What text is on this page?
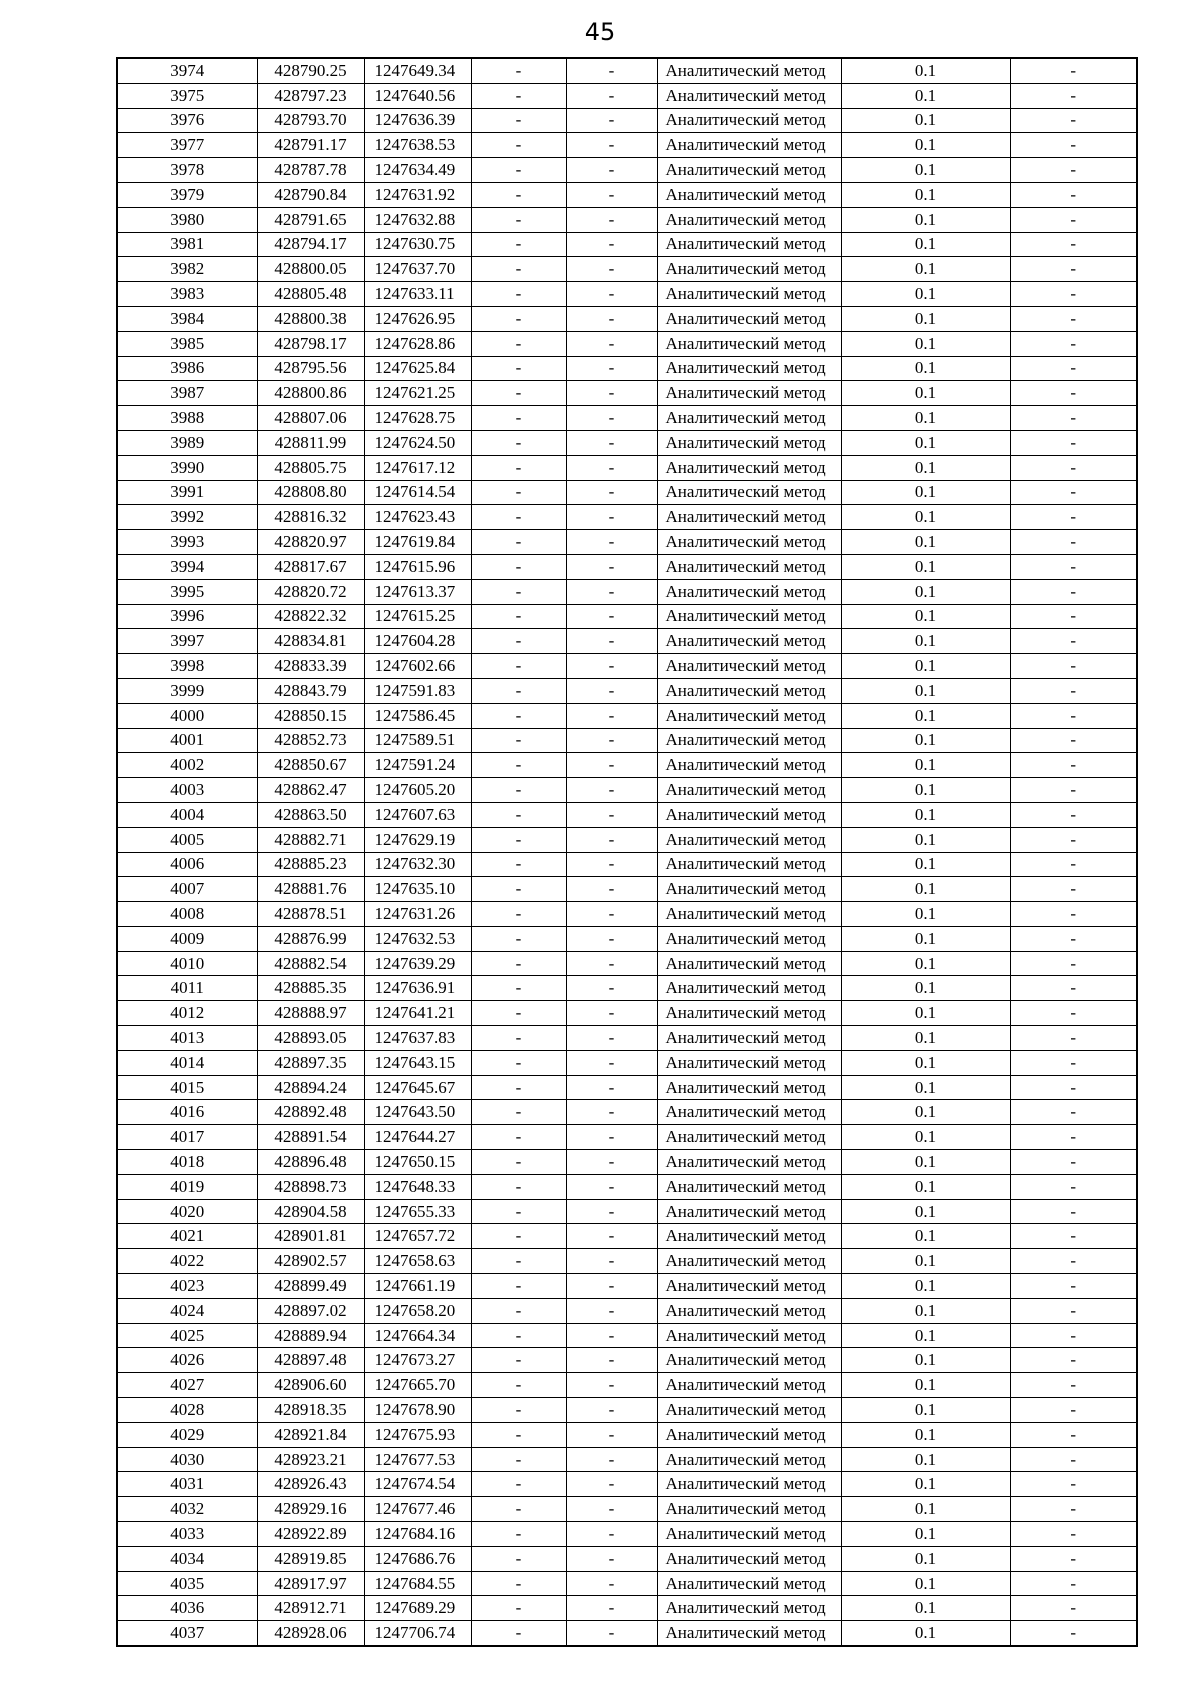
45
3974	428790.25	1247649.34	-	-	Аналитический метод	0.1	-
3975	428797.23	1247640.56	-	-	Аналитический метод	0.1	-
3976	428793.70	1247636.39	-	-	Аналитический метод	0.1	-
3977	428791.17	1247638.53	-	-	Аналитический метод	0.1	-
3978	428787.78	1247634.49	-	-	Аналитический метод	0.1	-
3979	428790.84	1247631.92	-	-	Аналитический метод	0.1	-
3980	428791.65	1247632.88	-	-	Аналитический метод	0.1	-
3981	428794.17	1247630.75	-	-	Аналитический метод	0.1	-
3982	428800.05	1247637.70	-	-	Аналитический метод	0.1	-
3983	428805.48	1247633.11	-	-	Аналитический метод	0.1	-
3984	428800.38	1247626.95	-	-	Аналитический метод	0.1	-
3985	428798.17	1247628.86	-	-	Аналитический метод	0.1	-
3986	428795.56	1247625.84	-	-	Аналитический метод	0.1	-
3987	428800.86	1247621.25	-	-	Аналитический метод	0.1	-
3988	428807.06	1247628.75	-	-	Аналитический метод	0.1	-
3989	428811.99	1247624.50	-	-	Аналитический метод	0.1	-
3990	428805.75	1247617.12	-	-	Аналитический метод	0.1	-
3991	428808.80	1247614.54	-	-	Аналитический метод	0.1	-
3992	428816.32	1247623.43	-	-	Аналитический метод	0.1	-
3993	428820.97	1247619.84	-	-	Аналитический метод	0.1	-
3994	428817.67	1247615.96	-	-	Аналитический метод	0.1	-
3995	428820.72	1247613.37	-	-	Аналитический метод	0.1	-
3996	428822.32	1247615.25	-	-	Аналитический метод	0.1	-
3997	428834.81	1247604.28	-	-	Аналитический метод	0.1	-
3998	428833.39	1247602.66	-	-	Аналитический метод	0.1	-
3999	428843.79	1247591.83	-	-	Аналитический метод	0.1	-
4000	428850.15	1247586.45	-	-	Аналитический метод	0.1	-
4001	428852.73	1247589.51	-	-	Аналитический метод	0.1	-
4002	428850.67	1247591.24	-	-	Аналитический метод	0.1	-
4003	428862.47	1247605.20	-	-	Аналитический метод	0.1	-
4004	428863.50	1247607.63	-	-	Аналитический метод	0.1	-
4005	428882.71	1247629.19	-	-	Аналитический метод	0.1	-
4006	428885.23	1247632.30	-	-	Аналитический метод	0.1	-
4007	428881.76	1247635.10	-	-	Аналитический метод	0.1	-
4008	428878.51	1247631.26	-	-	Аналитический метод	0.1	-
4009	428876.99	1247632.53	-	-	Аналитический метод	0.1	-
4010	428882.54	1247639.29	-	-	Аналитический метод	0.1	-
4011	428885.35	1247636.91	-	-	Аналитический метод	0.1	-
4012	428888.97	1247641.21	-	-	Аналитический метод	0.1	-
4013	428893.05	1247637.83	-	-	Аналитический метод	0.1	-
4014	428897.35	1247643.15	-	-	Аналитический метод	0.1	-
4015	428894.24	1247645.67	-	-	Аналитический метод	0.1	-
4016	428892.48	1247643.50	-	-	Аналитический метод	0.1	-
4017	428891.54	1247644.27	-	-	Аналитический метод	0.1	-
4018	428896.48	1247650.15	-	-	Аналитический метод	0.1	-
4019	428898.73	1247648.33	-	-	Аналитический метод	0.1	-
4020	428904.58	1247655.33	-	-	Аналитический метод	0.1	-
4021	428901.81	1247657.72	-	-	Аналитический метод	0.1	-
4022	428902.57	1247658.63	-	-	Аналитический метод	0.1	-
4023	428899.49	1247661.19	-	-	Аналитический метод	0.1	-
4024	428897.02	1247658.20	-	-	Аналитический метод	0.1	-
4025	428889.94	1247664.34	-	-	Аналитический метод	0.1	-
4026	428897.48	1247673.27	-	-	Аналитический метод	0.1	-
4027	428906.60	1247665.70	-	-	Аналитический метод	0.1	-
4028	428918.35	1247678.90	-	-	Аналитический метод	0.1	-
4029	428921.84	1247675.93	-	-	Аналитический метод	0.1	-
4030	428923.21	1247677.53	-	-	Аналитический метод	0.1	-
4031	428926.43	1247674.54	-	-	Аналитический метод	0.1	-
4032	428929.16	1247677.46	-	-	Аналитический метод	0.1	-
4033	428922.89	1247684.16	-	-	Аналитический метод	0.1	-
4034	428919.85	1247686.76	-	-	Аналитический метод	0.1	-
4035	428917.97	1247684.55	-	-	Аналитический метод	0.1	-
4036	428912.71	1247689.29	-	-	Аналитический метод	0.1	-
4037	428928.06	1247706.74	-	-	Аналитический метод	0.1	-
